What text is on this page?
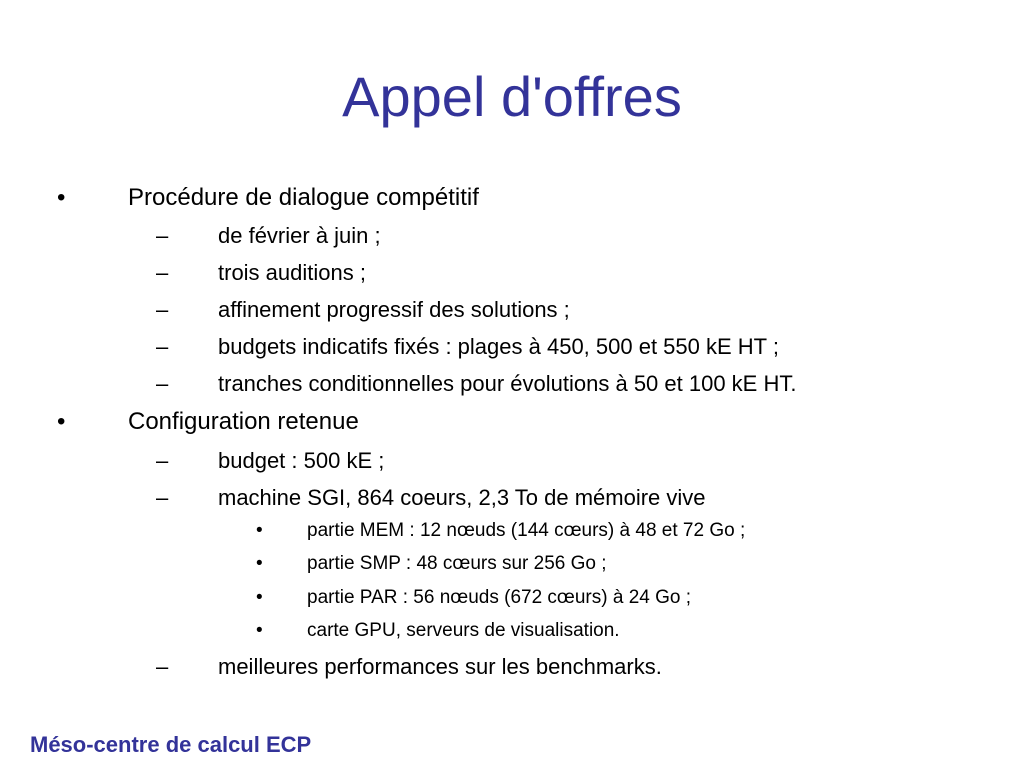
Appel d'offres
•	Procédure de dialogue compétitif
– de février à juin ;
– trois auditions ;
– affinement progressif des solutions ;
– budgets indicatifs fixés : plages à 450, 500 et 550 kE HT ;
– tranches conditionnelles pour évolutions à 50 et 100 kE HT.
•	Configuration retenue
– budget : 500 kE ;
– machine SGI, 864 coeurs, 2,3 To de mémoire vive
• partie MEM : 12 nœuds (144 cœurs) à 48 et 72 Go ;
• partie SMP : 48 cœurs sur 256 Go ;
• partie PAR : 56 nœuds (672 cœurs) à 24 Go ;
• carte GPU, serveurs de visualisation.
– meilleures performances sur les benchmarks.
Méso-centre de calcul ECP
